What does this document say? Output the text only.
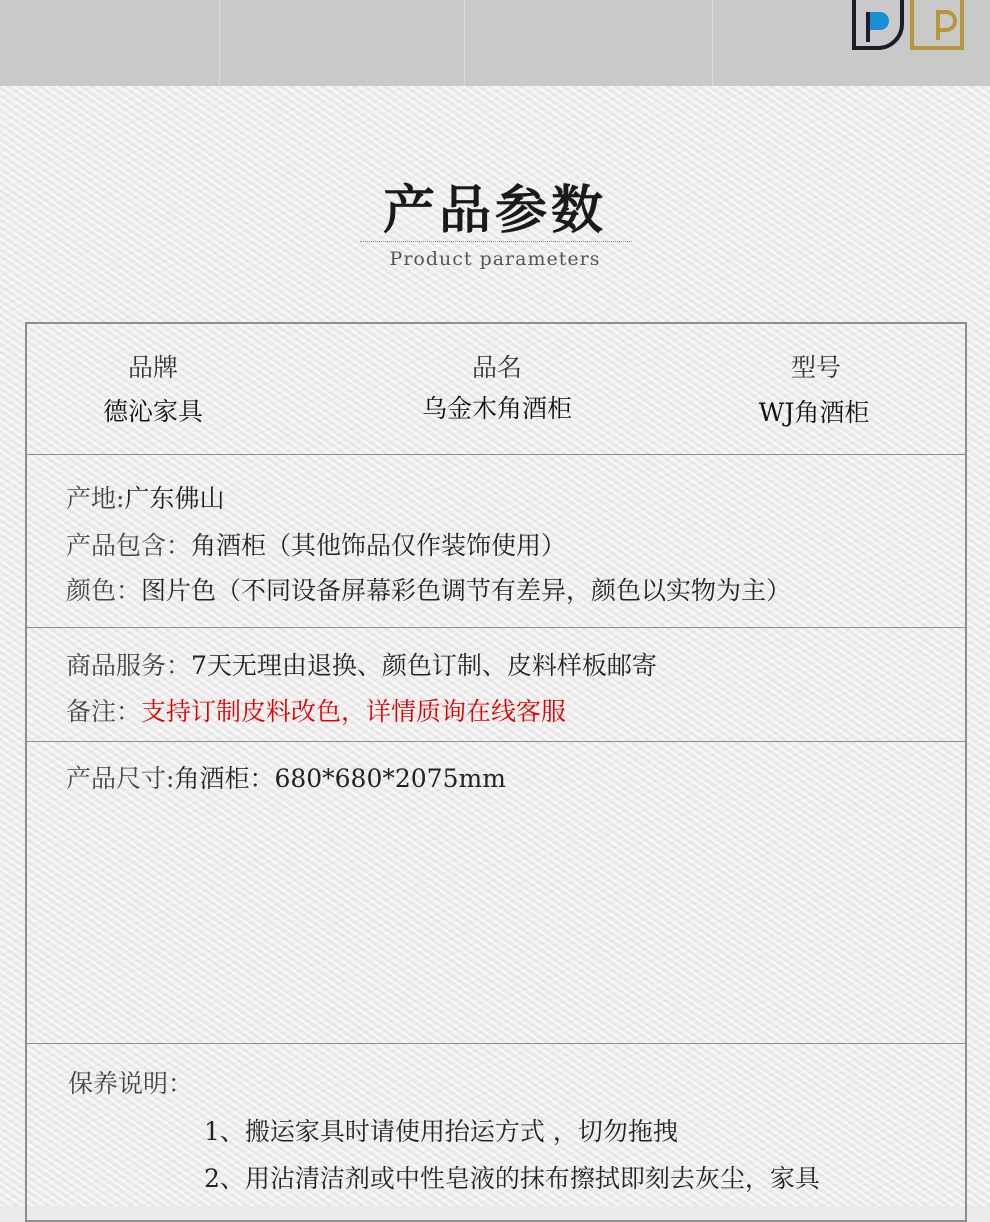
产品参数
Product parameters
品牌
德沁家具
品名
乌金木角酒柜
型号
WJ角酒柜
产地:广东佛山
产品包含：角酒柜（其他饰品仅作装饰使用）
颜色：图片色（不同设备屏幕彩色调节有差异，颜色以实物为主）
商品服务：7天无理由退换、颜色订制、皮料样板邮寄
备注：支持订制皮料改色，详情质询在线客服
产品尺寸:角酒柜：680*680*2075mm
保养说明：
1、搬运家具时请使用抬运方式 ，切勿拖拽
2、用沾清洁剂或中性皂液的抹布擦拭即刻去灰尘，家具
